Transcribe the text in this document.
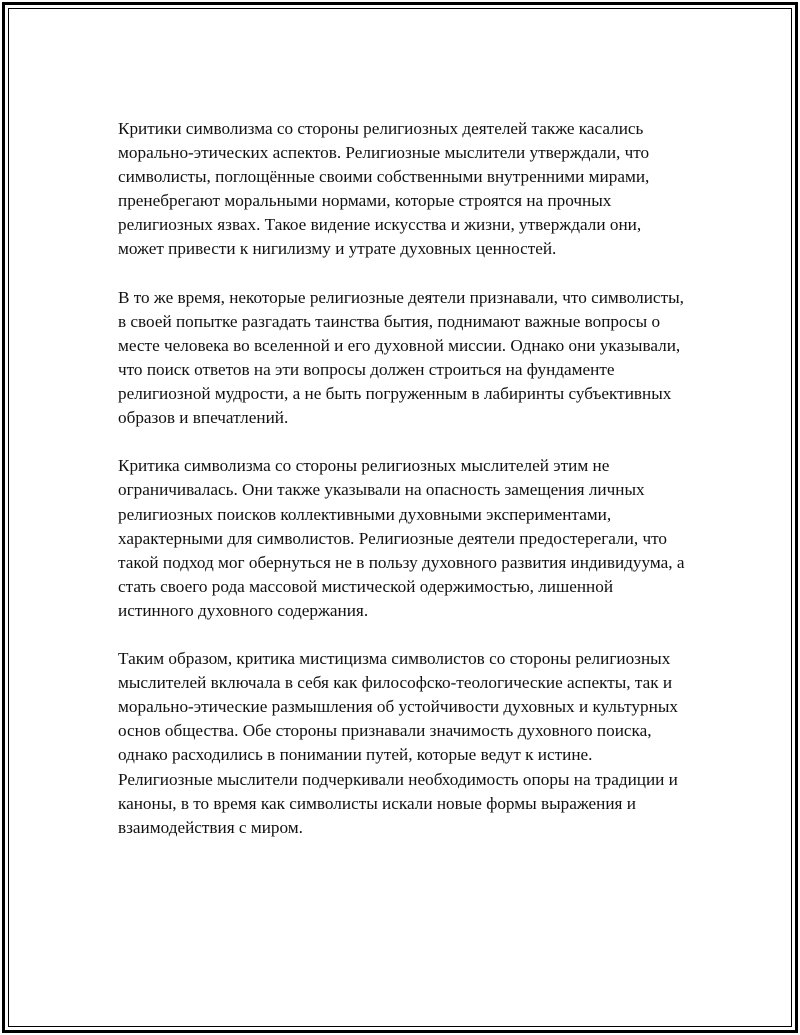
Критики символизма со стороны религиозных деятелей также касались морально-этических аспектов. Религиозные мыслители утверждали, что символисты, поглощённые своими собственными внутренними мирами, пренебрегают моральными нормами, которые строятся на прочных религиозных язвах. Такое видение искусства и жизни, утверждали они, может привести к нигилизму и утрате духовных ценностей.

В то же время, некоторые религиозные деятели признавали, что символисты, в своей попытке разгадать таинства бытия, поднимают важные вопросы о месте человека во вселенной и его духовной миссии. Однако они указывали, что поиск ответов на эти вопросы должен строиться на фундаменте религиозной мудрости, а не быть погруженным в лабиринты субъективных образов и впечатлений.

Критика символизма со стороны религиозных мыслителей этим не ограничивалась. Они также указывали на опасность замещения личных религиозных поисков коллективными духовными экспериментами, характерными для символистов. Религиозные деятели предостерегали, что такой подход мог обернуться не в пользу духовного развития индивидуума, а стать своего рода массовой мистической одержимостью, лишенной истинного духовного содержания.

Таким образом, критика мистицизма символистов со стороны религиозных мыслителей включала в себя как философско-теологические аспекты, так и морально-этические размышления об устойчивости духовных и культурных основ общества. Обе стороны признавали значимость духовного поиска, однако расходились в понимании путей, которые ведут к истине. Религиозные мыслители подчеркивали необходимость опоры на традиции и каноны, в то время как символисты искали новые формы выражения и взаимодействия с миром.
